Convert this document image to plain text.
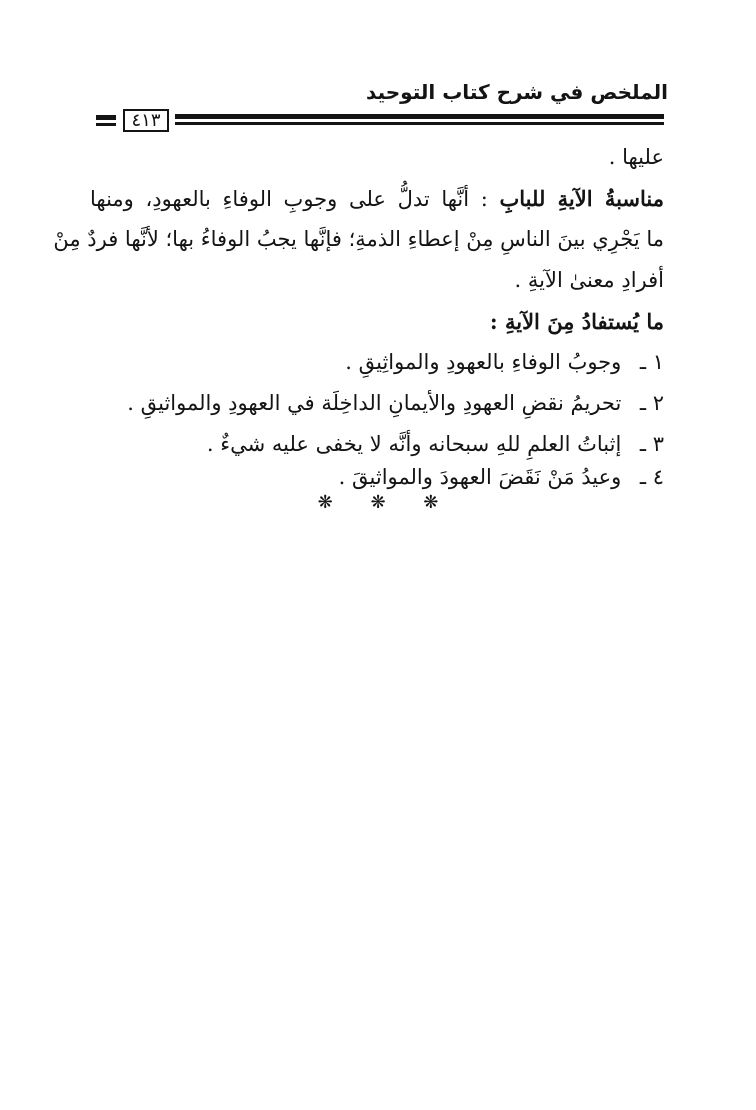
الملخص في شرح كتاب التوحيد
٤١٣
عليها .
مناسبةُ الآيةِ للبابِ : أنَّها تدلُّ على وجوبِ الوفاءِ بالعهودِ، ومنها
ما يَجْرِي بينَ الناسِ مِنْ إعطاءِ الذمةِ؛ فإنَّها يجبُ الوفاءُ بها؛ لأنَّها فردٌ مِنْ
أفرادِ معنىٰ الآيةِ .
ما يُستفادُ مِنَ الآيةِ :
١ ـ وجوبُ الوفاءِ بالعهودِ والمواثِيقِ .
٢ ـ تحريمُ نقضِ العهودِ والأيمانِ الداخِلَة في العهودِ والمواثيقِ .
٣ ـ إثباتُ العلمِ للهِ سبحانه وأنَّه لا يخفى عليه شيءٌ .
٤ ـ وعيدُ مَنْ نَقَضَ العهودَ والمواثيقَ .
❋ ❋ ❋
